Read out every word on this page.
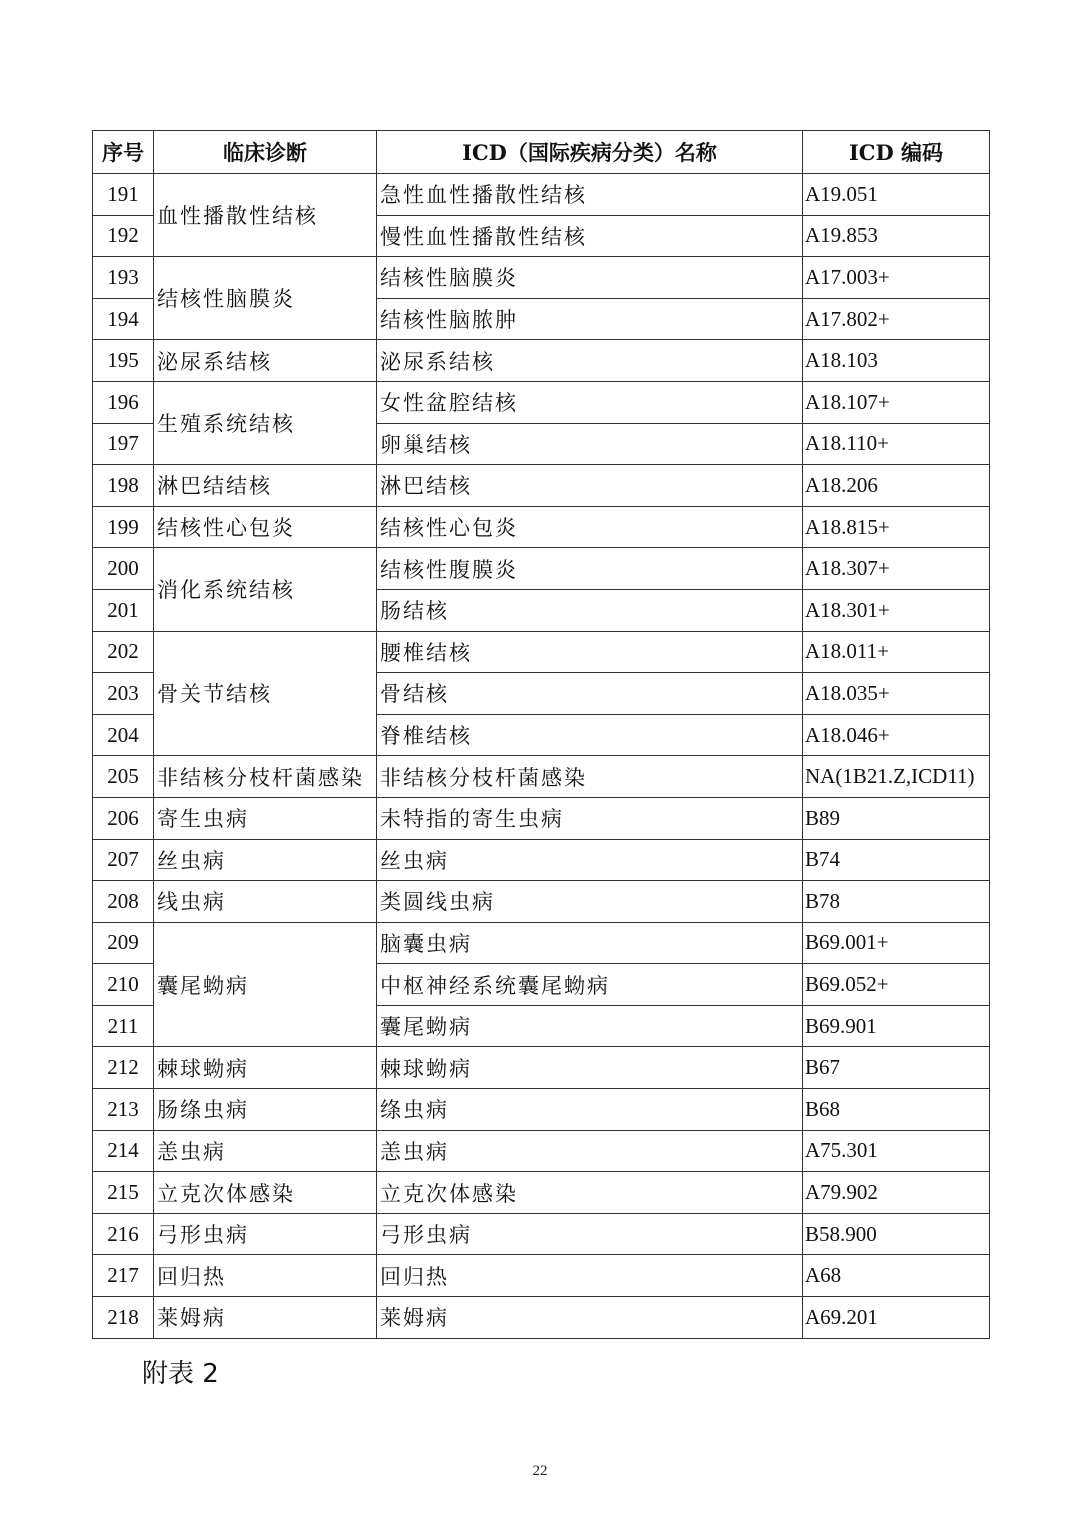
序号	临床诊断	ICD（国际疾病分类）名称	ICD 编码
191	血性播散性结核	急性血性播散性结核	A19.051
192		慢性血性播散性结核	A19.853
193	结核性脑膜炎	结核性脑膜炎	A17.003+
194		结核性脑脓肿	A17.802+
195	泌尿系结核	泌尿系结核	A18.103
196	生殖系统结核	女性盆腔结核	A18.107+
197		卵巢结核	A18.110+
198	淋巴结结核	淋巴结核	A18.206
199	结核性心包炎	结核性心包炎	A18.815+
200	消化系统结核	结核性腹膜炎	A18.307+
201		肠结核	A18.301+
202	骨关节结核	腰椎结核	A18.011+
203		骨结核	A18.035+
204		脊椎结核	A18.046+
205	非结核分枝杆菌感染	非结核分枝杆菌感染	NA(1B21.Z,ICD11)
206	寄生虫病	未特指的寄生虫病	B89
207	丝虫病	丝虫病	B74
208	线虫病	类圆线虫病	B78
209	囊尾蚴病	脑囊虫病	B69.001+
210		中枢神经系统囊尾蚴病	B69.052+
211		囊尾蚴病	B69.901
212	棘球蚴病	棘球蚴病	B67
213	肠绦虫病	绦虫病	B68
214	恙虫病	恙虫病	A75.301
215	立克次体感染	立克次体感染	A79.902
216	弓形虫病	弓形虫病	B58.900
217	回归热	回归热	A68
218	莱姆病	莱姆病	A69.201
附表 2
22
